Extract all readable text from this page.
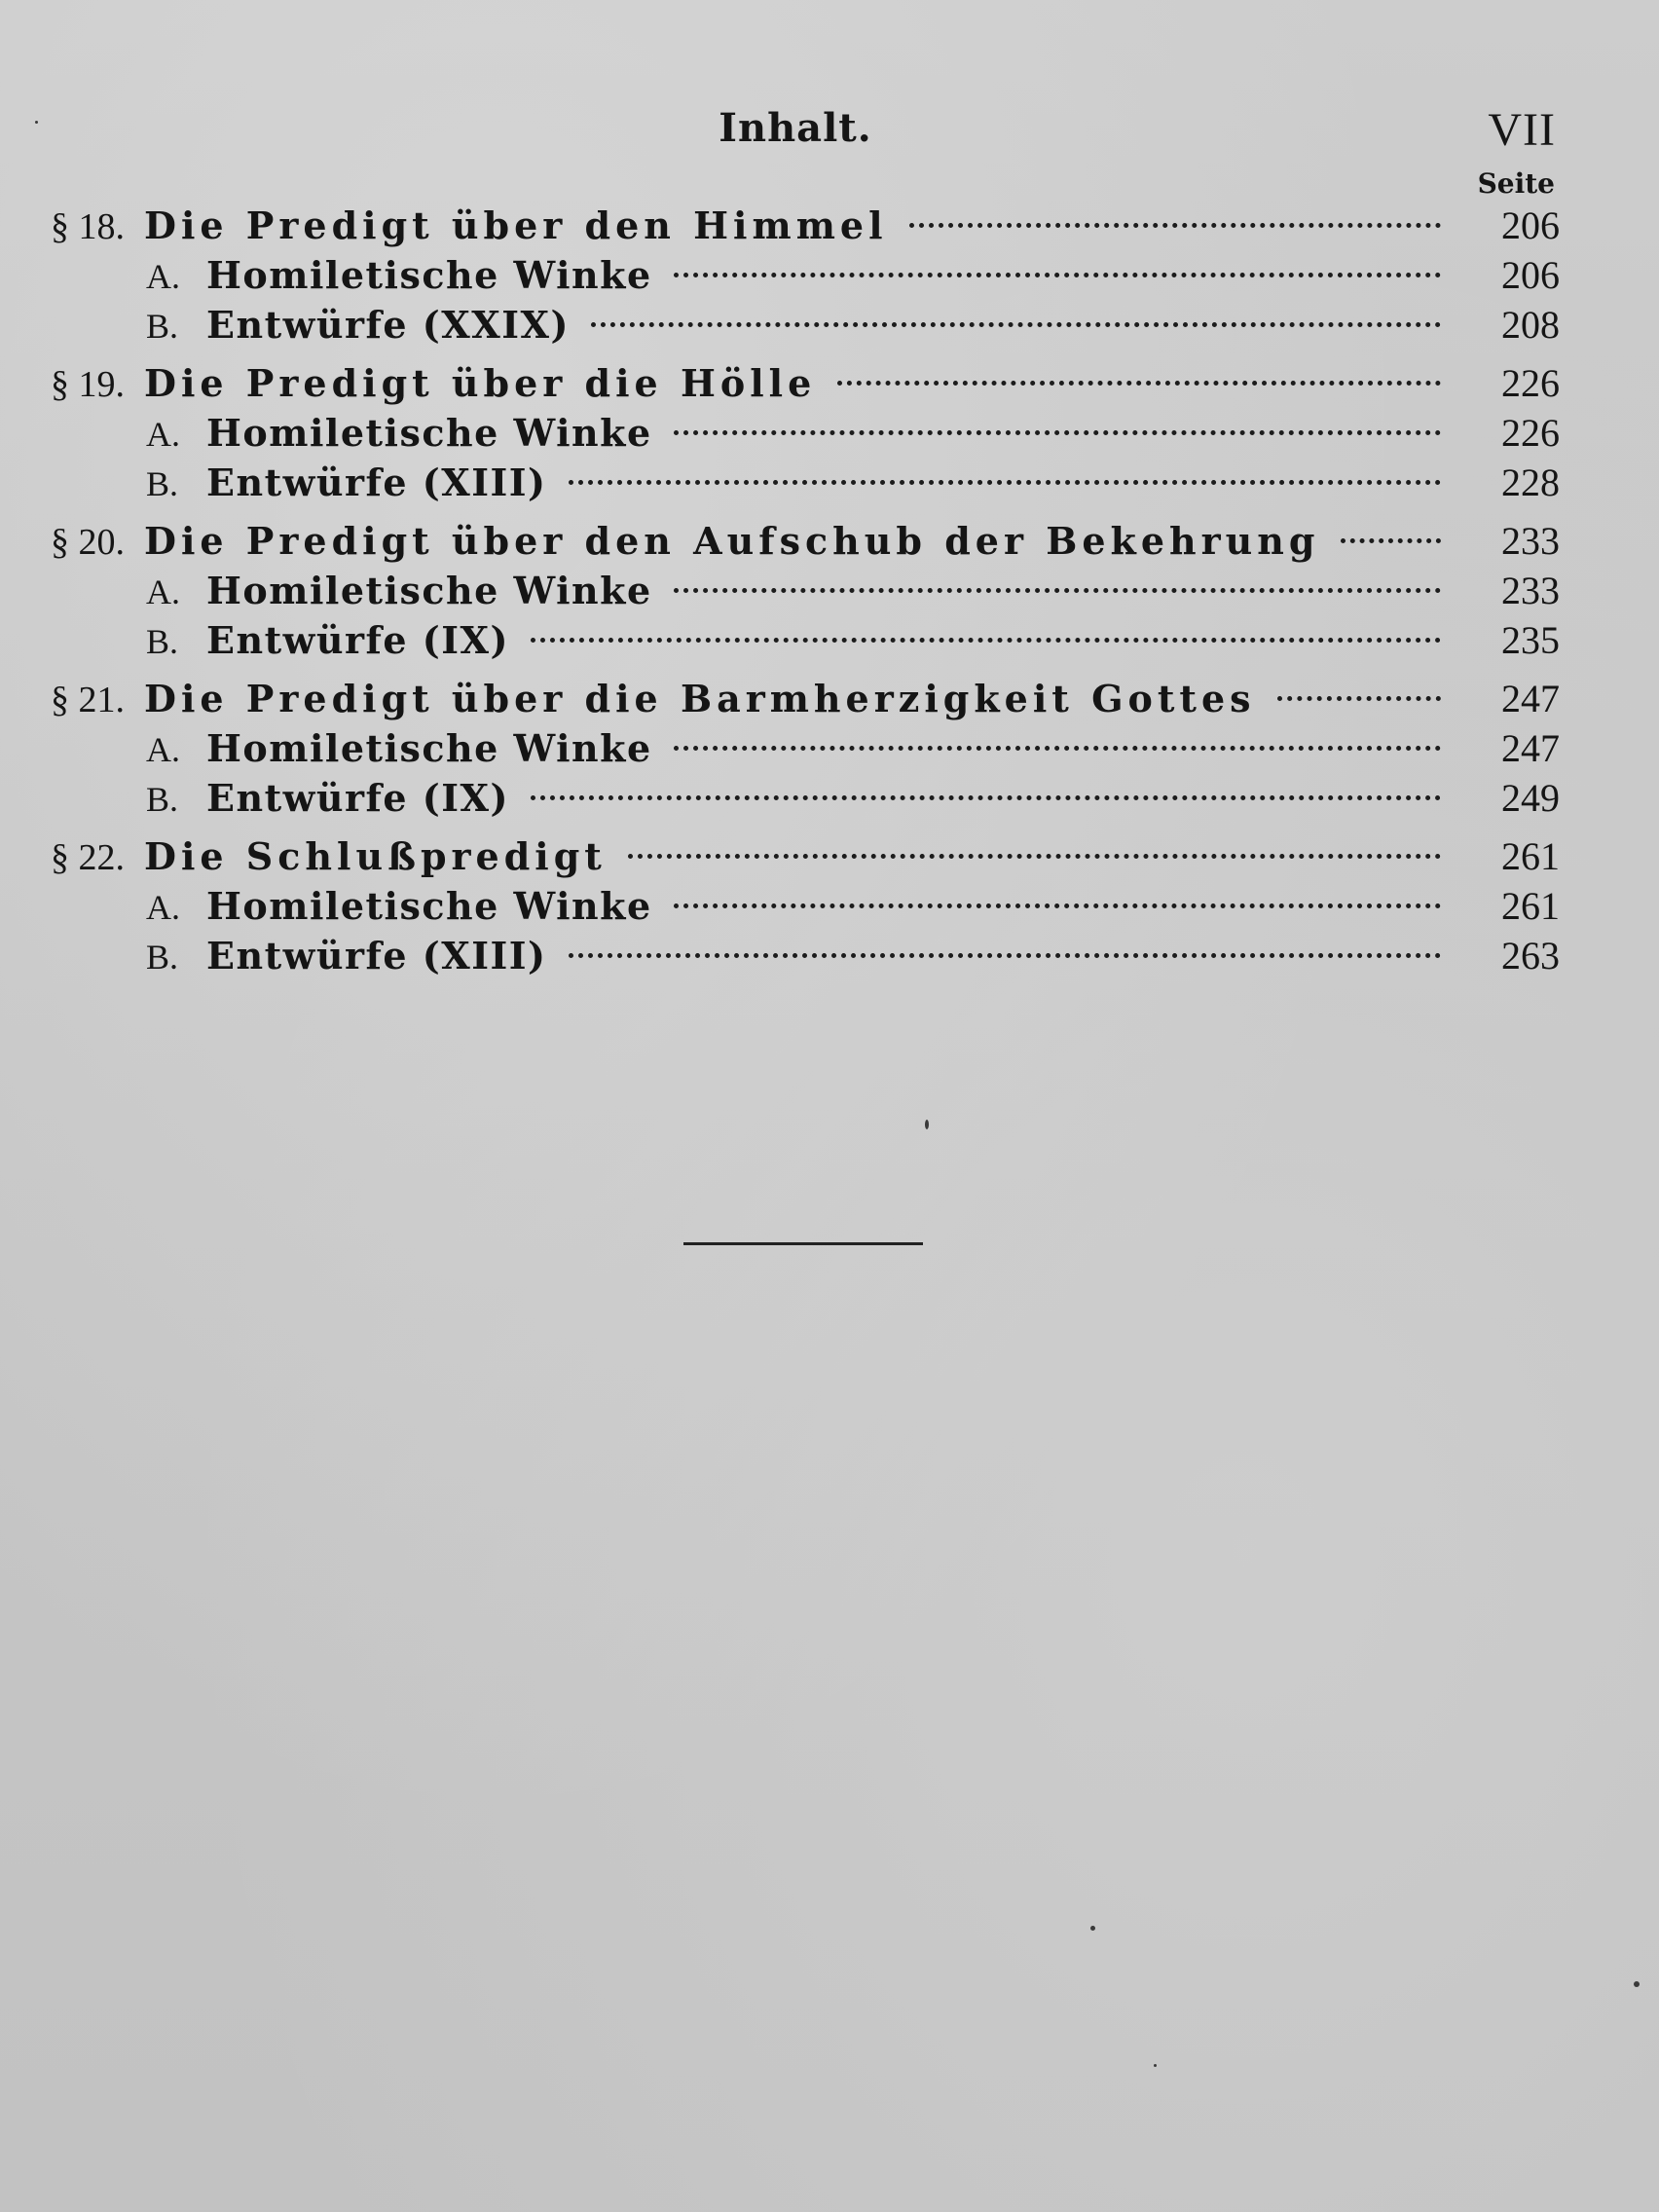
Inhalt.	VII
Seite
§ 18. Die Predigt über den Himmel	206
A. Homiletische Winke	206
B. Entwürfe (XXIX)	208
§ 19. Die Predigt über die Hölle	226
A. Homiletische Winke	226
B. Entwürfe (XIII)	228
§ 20. Die Predigt über den Aufschub der Bekehrung	233
A. Homiletische Winke	233
B. Entwürfe (IX)	235
§ 21. Die Predigt über die Barmherzigkeit Gottes	247
A. Homiletische Winke	247
B. Entwürfe (IX)	249
§ 22. Die Schlußpredigt	261
A. Homiletische Winke	261
B. Entwürfe (XIII)	263
